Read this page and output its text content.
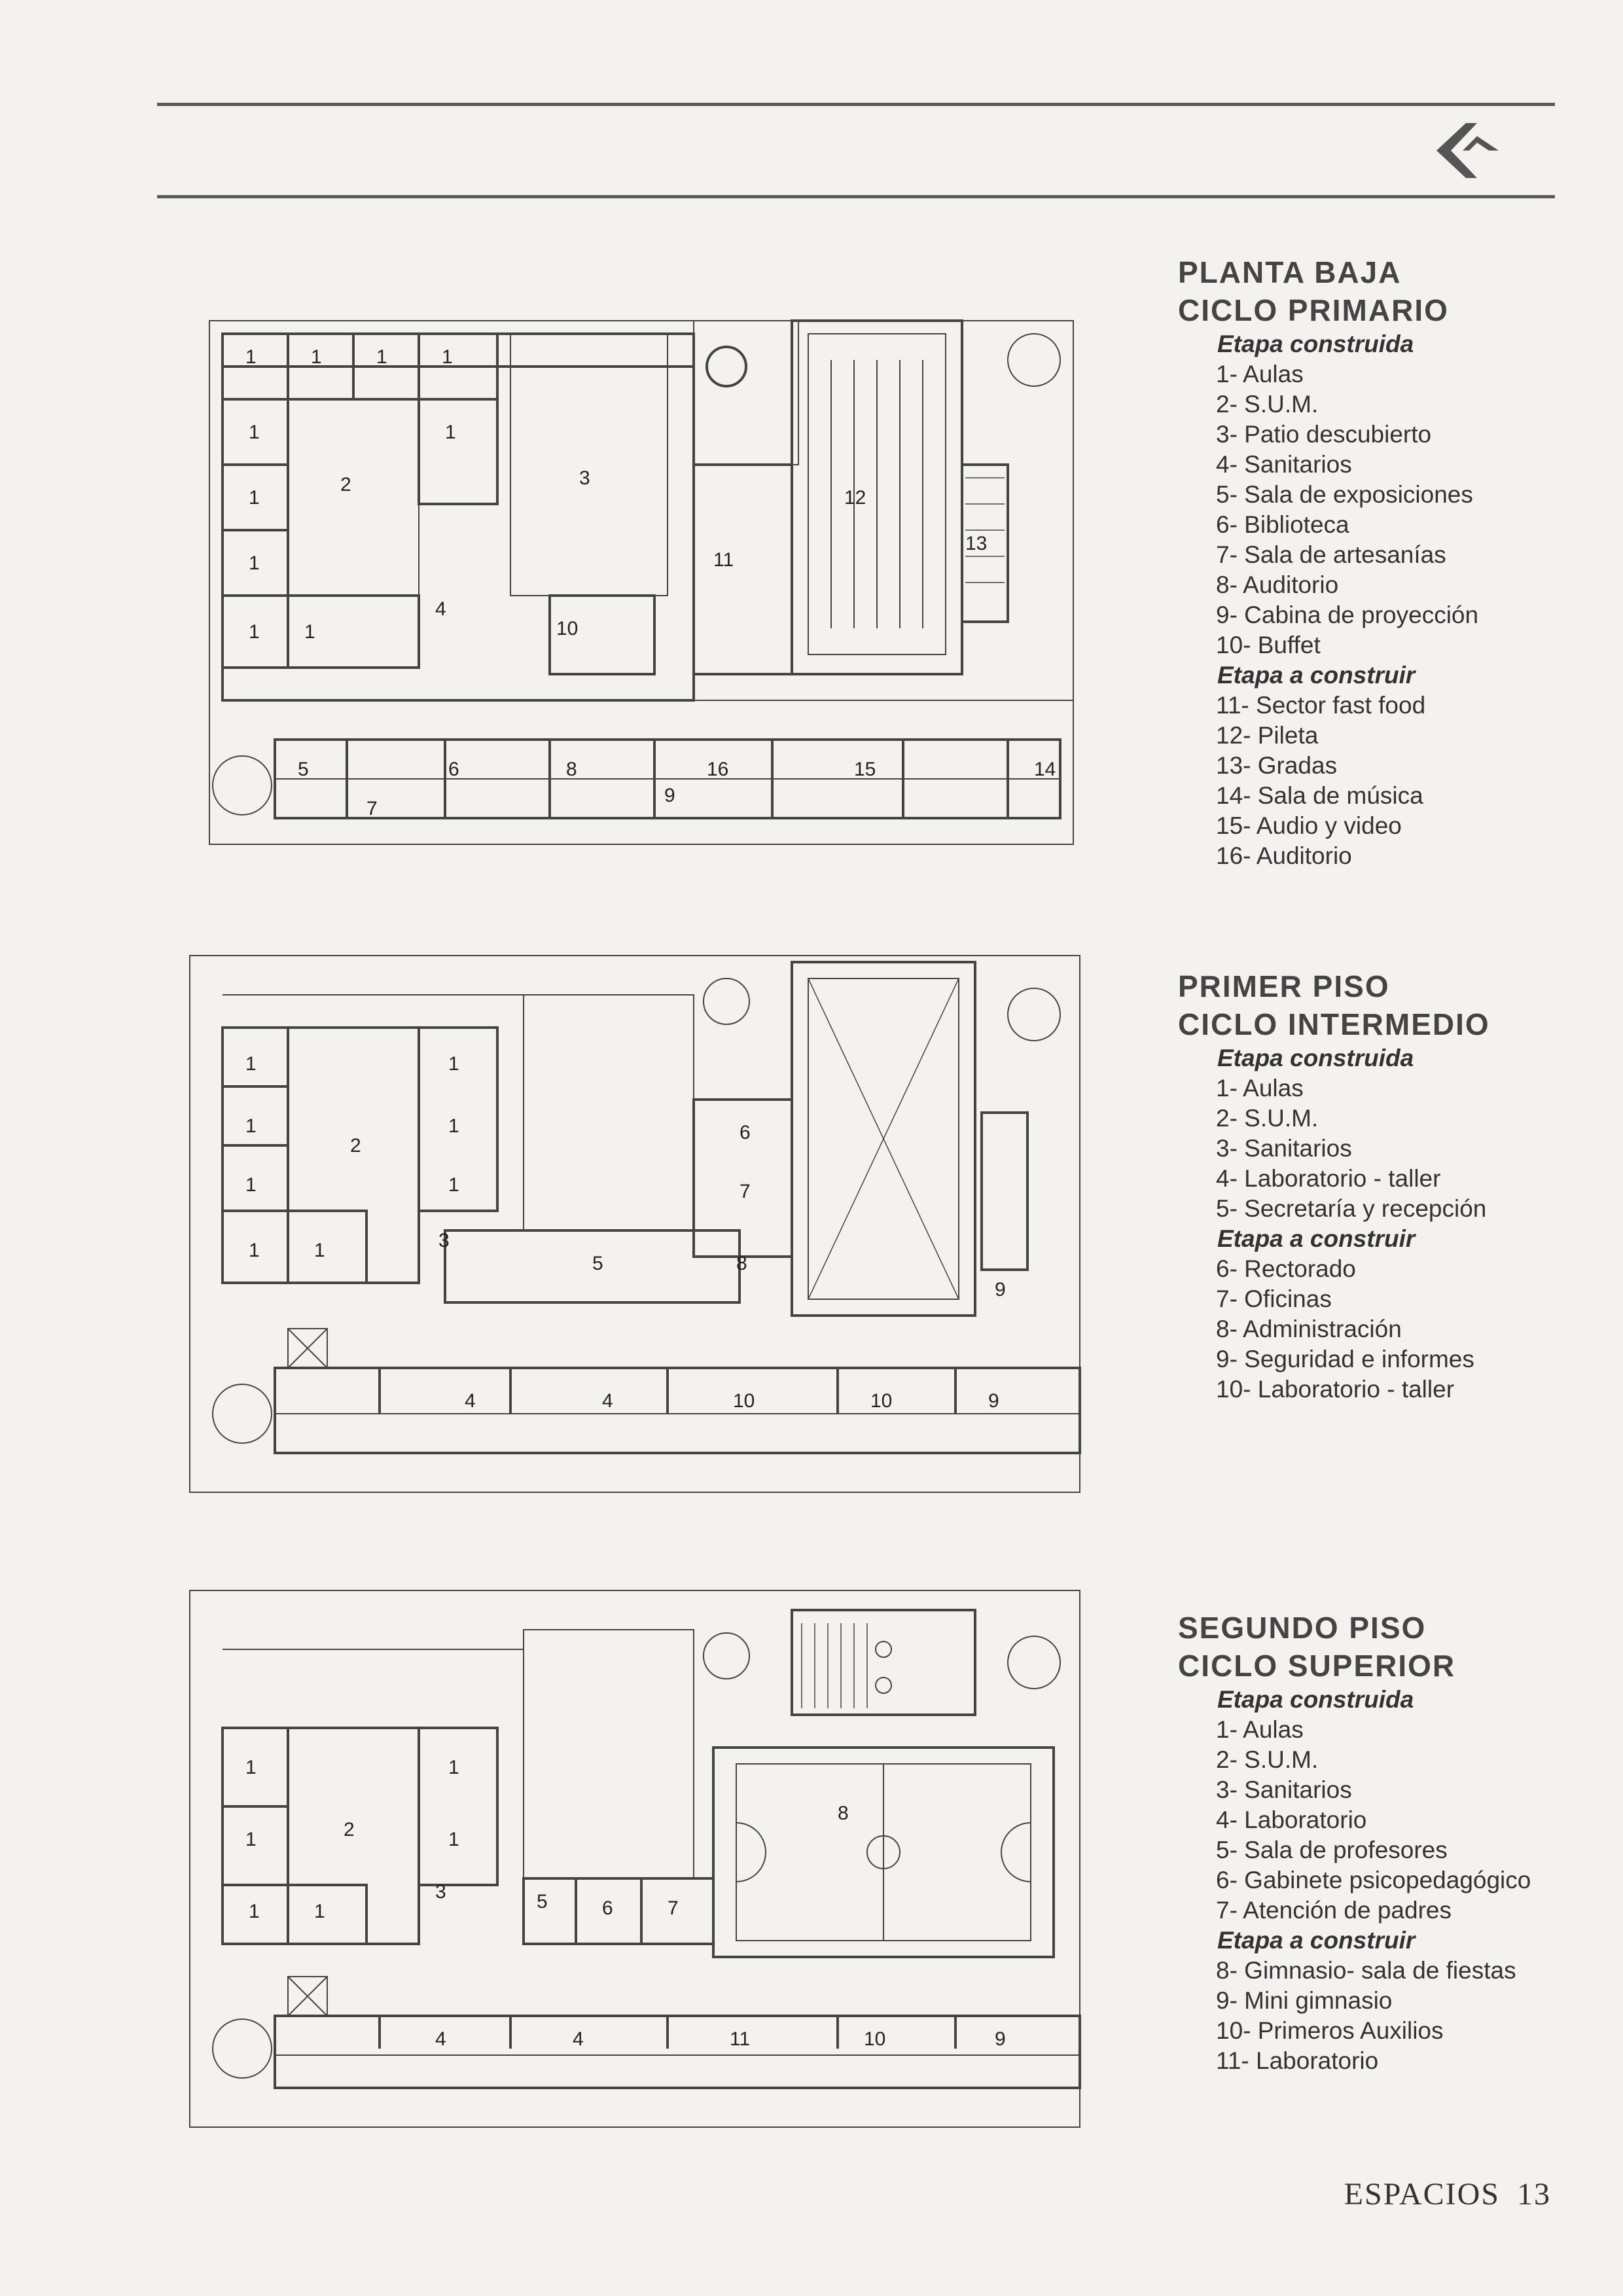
1	1	1	1
1
1
1
1
1 1
2	3
4
10
11
12
13
5	6
7
8
9
16	15	14
PLANTA BAJA
CICLO PRIMARIO
Etapa construida
1- Aulas
2- S.U.M.
3- Patio descubierto
4- Sanitarios
5- Sala de exposiciones
6- Biblioteca
7- Sala de artesanías
8- Auditorio
9- Cabina de proyección
10- Buffet
Etapa a construir
11- Sector fast food
12- Pileta
13- Gradas
14- Sala de música
15- Audio y video
16- Auditorio
1
1
1
1
1
1
1	1
2
3
5
6
7
8
9
4	4	10	10	9
PRIMER PISO
CICLO INTERMEDIO
Etapa construida
1- Aulas
2- S.U.M.
3- Sanitarios
4- Laboratorio - taller
5- Secretaría y recepción
Etapa a construir
6- Rectorado
7- Oficinas
8- Administración
9- Seguridad e informes
10- Laboratorio - taller
1
1
1
1
1	1
2
3	5	6	7
8
4	4	11	10	9
SEGUNDO PISO
CICLO SUPERIOR
Etapa construida
1- Aulas
2- S.U.M.
3- Sanitarios
4- Laboratorio
5- Sala de profesores
6- Gabinete psicopedagógico
7- Atención de padres
Etapa a construir
8- Gimnasio- sala de fiestas
9- Mini gimnasio
10- Primeros Auxilios
11- Laboratorio
ESPACIOS 13
